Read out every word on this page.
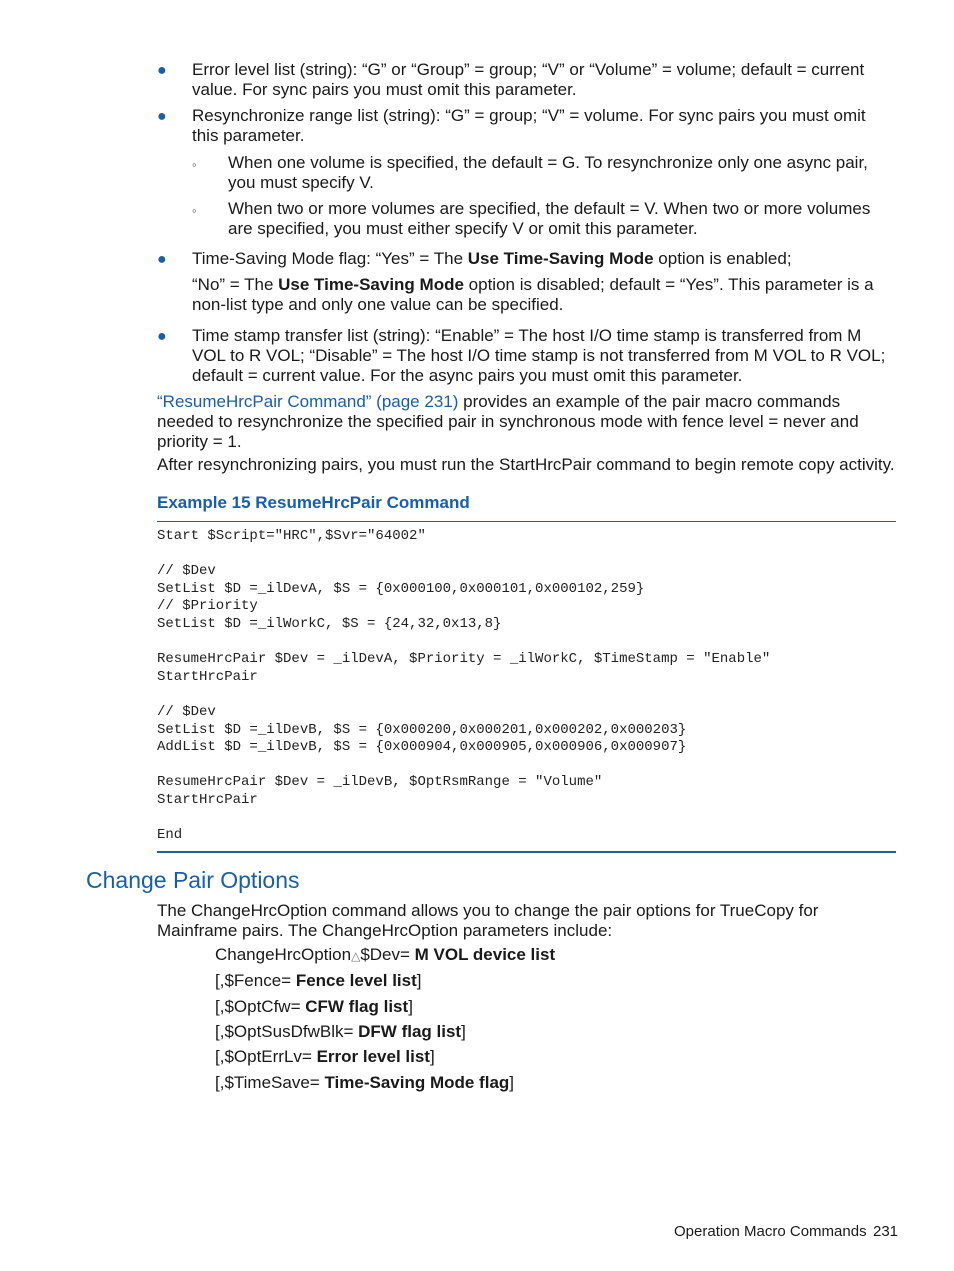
● Error level list (string): “G” or “Group” = group; “V” or “Volume” = volume; default = current value. For sync pairs you must omit this parameter.
● Resynchronize range list (string): “G” = group; “V” = volume. For sync pairs you must omit this parameter.
◦ When one volume is specified, the default = G. To resynchronize only one async pair, you must specify V.
◦ When two or more volumes are specified, the default = V. When two or more volumes are specified, you must either specify V or omit this parameter.
● Time-Saving Mode flag: “Yes” = The Use Time-Saving Mode option is enabled;
“No” = The Use Time-Saving Mode option is disabled; default = “Yes”. This parameter is a non-list type and only one value can be specified.
● Time stamp transfer list (string): “Enable” = The host I/O time stamp is transferred from M VOL to R VOL; “Disable” = The host I/O time stamp is not transferred from M VOL to R VOL; default = current value. For the async pairs you must omit this parameter.
“ResumeHrcPair Command” (page 231) provides an example of the pair macro commands needed to resynchronize the specified pair in synchronous mode with fence level = never and priority = 1.
After resynchronizing pairs, you must run the StartHrcPair command to begin remote copy activity.
Example 15 ResumeHrcPair Command
Start $Script="HRC",$Svr="64002"

// $Dev
SetList $D =_ilDevA, $S = {0x000100,0x000101,0x000102,259}
// $Priority
SetList $D =_ilWorkC, $S = {24,32,0x13,8}

ResumeHrcPair $Dev = _ilDevA, $Priority = _ilWorkC, $TimeStamp = "Enable"
StartHrcPair

// $Dev
SetList $D =_ilDevB, $S = {0x000200,0x000201,0x000202,0x000203}
AddList $D =_ilDevB, $S = {0x000904,0x000905,0x000906,0x000907}

ResumeHrcPair $Dev = _ilDevB, $OptRsmRange = "Volume"
StartHrcPair

End
Change Pair Options
The ChangeHrcOption command allows you to change the pair options for TrueCopy for Mainframe pairs. The ChangeHrcOption parameters include:
ChangeHrcOption△$Dev= M VOL device list
[,$Fence= Fence level list]
[,$OptCfw= CFW flag list]
[,$OptSusDfwBlk= DFW flag list]
[,$OptErrLv= Error level list]
[,$TimeSave= Time-Saving Mode flag]
Operation Macro Commands 231
